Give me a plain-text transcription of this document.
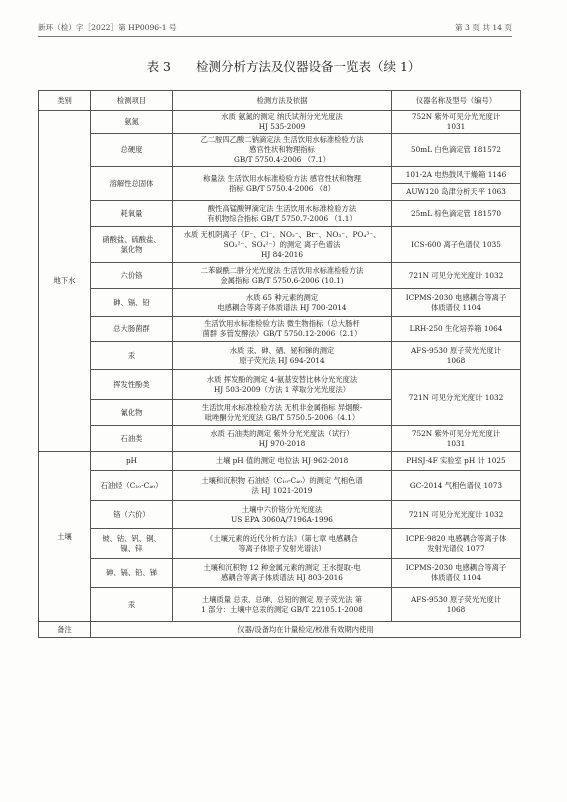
新环（检）字［2022］第 HP0096-1 号	第 3 页 共 14 页
表 3　　检测分析方法及仪器设备一览表（续 1）
类别	检测项目	检测方法及依据	仪器名称及型号（编号）
地下水	氨氮	水质 氨氮的测定 纳氏试剂分光光度法
HJ 535-2009	752N 紫外可见分光光度计
1031
	总硬度	乙二胺四乙酸二钠滴定法 生活饮用水标准检验方法
感官性状和物理指标
GB/T 5750.4-2006 （7.1）	50mL 白色滴定管 181572
	溶解性总固体	称量法 生活饮用水标准检验方法 感官性状和物理
指标 GB/T 5750.4-2006 （8）	101-2A 电热鼓风干燥箱 1146
			AUW120 岛津分析天平 1063
	耗氧量	酸性高锰酸钾滴定法 生活饮用水标准检验方法
有机物综合指标 GB/T 5750.7-2006 （1.1）	25mL 棕色滴定管 181570
	硝酸盐、硫酸盐、
氯化物	水质 无机阴离子（F⁻、Cl⁻、NO₂⁻、Br⁻、NO₃⁻、PO₄³⁻、
SO₃²⁻、SO₄²⁻）的测定 离子色谱法
HJ 84-2016	ICS-600 离子色谱仪 1035
	六价铬	二苯碳酰二肼分光光度法 生活饮用水标准检验方法
金属指标 GB/T 5750.6-2006 (10.1)	721N 可见分光光度计 1032
	砷、镉、铅	水质 65 种元素的测定
电感耦合等离子体质谱法 HJ 700-2014	ICPMS-2030 电感耦合等离子
体质谱仪 1104
	总大肠菌群	生活饮用水标准检验方法 微生物指标（总大肠杆
菌群 多管发酵法）GB/T 5750.12-2006（2.1）	LRH-250 生化培养箱 1064
	汞	水质 汞、砷、硒、铋和锑的测定
原子荧光法 HJ 694-2014	AFS-9530 原子荧光光度计
1068
	挥发性酚类	水质 挥发酚的测定 4-氨基安替比林分光光度法
HJ 503-2009（方法 1 萃取分光光度法）	721N 可见分光光度计 1032
	氰化物	生活饮用水标准检验方法 无机非金属指标 异烟酸-
吡唑酮分光光度法 GB/T 5750.5-2006（4.1）	
	石油类	水质 石油类的测定 紫外分光光度法（试行）
HJ 970-2018	752N 紫外可见分光光度计
1031
土壤	pH	土壤 pH 值的测定 电位法 HJ 962-2018	PHSJ-4F 实验室 pH 计 1025
	石油烃（C₁₀-C₄₀）	土壤和沉积物 石油烃（C₁₀-C₄₀）的测定 气相色谱
法 HJ 1021-2019	GC-2014 气相色谱仪 1073
	铬（六价）	土壤中六价铬分光光度法
US EPA 3060A/7196A-1996	721N 可见分光光度计 1032
	铍、钴、钒、铜、
镍、锌	《土壤元素的近代分析方法》（第七章 电感耦合
等离子体原子发射光谱法）	ICPE-9820 电感耦合等离子体
发射光谱仪 1077
	砷、镉、铅、锑	土壤和沉积物 12 种金属元素的测定 王水提取-电
感耦合等离子体质谱法 HJ 803-2016	ICPMS-2030 电感耦合等离子
体质谱仪 1104
	汞	土壤质量 总汞、总砷、总铅的测定 原子荧光法 第
1 部分：土壤中总汞的测定 GB/T 22105.1-2008	AFS-9530 原子荧光光度计
1068
备注	仪器/设备均在计量检定/校准有效期内使用		
